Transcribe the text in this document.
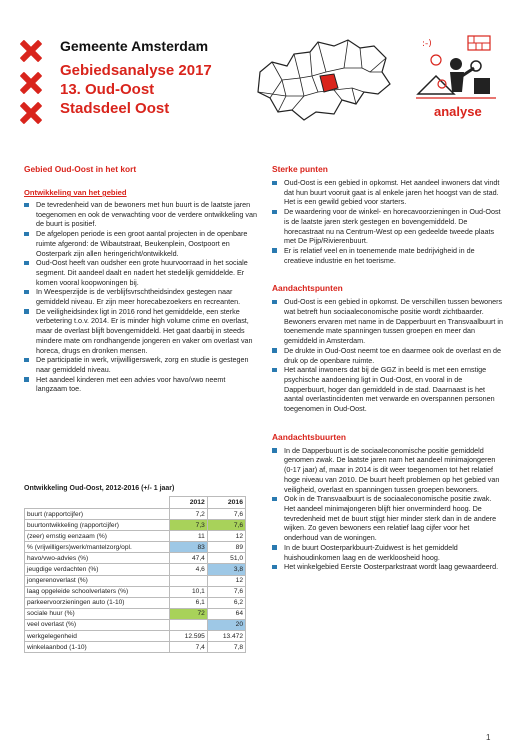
Gemeente Amsterdam
Gebiedsanalyse 2017
13. Oud-Oost
Stadsdeel Oost
:-)
analyse

Gebied Oud-Oost in het kort

Ontwikkeling van het gebied

De tevredenheid van de bewoners met hun buurt is de laatste jaren toegenomen en ook de verwachting voor de verdere ontwikkeling van de buurt is positief.
De afgelopen periode is een groot aantal projecten in de openbare ruimte afgerond: de Wibautstraat, Beukenplein, Oostpoort en Oosterpark zijn allen heringericht/ontwikkeld.
Oud-Oost heeft van oudsher een grote huurvoorraad in het sociale segment. Dit aandeel daalt en nadert het stedelijk gemiddelde. Er komen vooral koopwoningen bij.
In Weesperzijde is de verblijfsvrschtheidsindex gestegen naar gemiddeld niveau. Er zijn meer horecabezoekers en recreanten.
De veiligheidsindex ligt in 2016 rond het gemiddelde, een sterke verbetering t.o.v. 2014. Er is minder high volume crime en overlast, maar de overlast blijft bovengemiddeld. Het gaat daarbij in steeds mindere mate om rondhangende jongeren en vaker om overlast van horeca, drugs en dronken mensen.
De participatie in werk, vrijwilligerswerk, zorg en studie is gestegen naar gemiddeld niveau.
Het aandeel kinderen met een advies voor havo/vwo neemt langzaam toe.
Ontwikkeling Oud-Oost, 2012-2016 (+/- 1 jaar)
	2012	2016
buurt (rapportcijfer)	7,2	7,6
buurtontwikkeling (rapportcijfer)	7,3	7,6
(zeer) ernstig eenzaam (%)	11	12
% (vrijwilligers)werk/mantelzorg/opl.	83	89
havo/vwo-advies (%)	47,4	51,0
jeugdige verdachten (%)	4,6	3,8
jongerenoverlast (%)		12
laag opgeleide schoolverlaters (%)	10,1	7,6
parkeervoorzieningen auto (1-10)	6,1	6,2
sociale huur (%)	72	64
veel overlast (%)		20
werkgelegenheid	12.595	13.472
winkelaanbod (1-10)	7,4	7,8

Sterke punten

Oud-Oost is een gebied in opkomst. Het aandeel inwoners dat vindt dat hun buurt vooruit gaat is al enkele jaren het hoogst van de stad. Het is een gewild gebied voor starters.
De waardering voor de winkel- en horecavoorzieningen in Oud-Oost is de laatste jaren sterk gestegen en bovengemiddeld. De horecastraat nu na Centrum-West op een gedeelde tweede plaats met De Pijp/Rivierenbuurt.
Er is relatief veel en in toenemende mate bedrijvigheid in de creatieve industrie en het toerisme.

Aandachtspunten

Oud-Oost is een gebied in opkomst. De verschillen tussen bewoners wat betreft hun sociaaleconomische positie wordt zichtbaarder. Bewoners ervaren met name in de Dapperbuurt en Transvaalbuurt in toenemende mate spanningen tussen groepen en meer dan gemiddeld in Amsterdam.
De drukte in Oud-Oost neemt toe en daarmee ook de overlast en de druk op de openbare ruimte.
Het aantal inwoners dat bij de GGZ in beeld is met een ernstige psychische aandoening ligt in Oud-Oost, en vooral in de Dapperbuurt, hoger dan gemiddeld in de stad. Daarnaast is het aantal overlastincidenten met verwarde en overspannen personen toegenomen in Oud-Oost.

Aandachtsbuurten

In de Dapperbuurt is de sociaaleconomische positie gemiddeld genomen zwak. De laatste jaren nam het aandeel minimajongeren (0-17 jaar) af, maar in 2014 is dit weer toegenomen tot het relatief hoge niveau van 2010. De buurt heeft problemen op het gebied van veiligheid, overlast en spanningen tussen groepen bewoners.
Ook in de Transvaalbuurt is de sociaaleconomische positie zwak. Het aandeel minimajongeren blijft hier onverminderd hoog. De tevredenheid met de buurt stijgt hier minder sterk dan in de andere wijken. Zo geven bewoners een relatief laag cijfer voor het onderhoud van de woningen.
In de buurt Oosterparkbuurt-Zuidwest is het gemiddeld huishoudinkomen laag en de werkloosheid hoog.
Het winkelgebied Eerste Oosterparkstraat wordt laag gewaardeerd.
1
